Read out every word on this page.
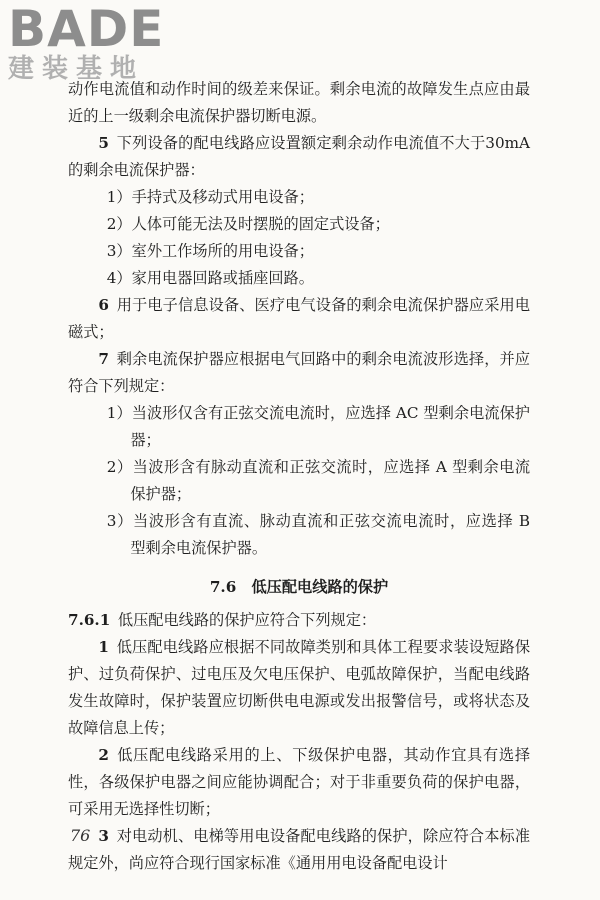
BADE
建装基地

动作电流值和动作时间的级差来保证。剩余电流的故障发生点应由最近的上一级剩余电流保护器切断电源。

5  下列设备的配电线路应设置额定剩余动作电流值不大于30mA的剩余电流保护器：

1）手持式及移动式用电设备；

2）人体可能无法及时摆脱的固定式设备；

3）室外工作场所的用电设备；

4）家用电器回路或插座回路。

6  用于电子信息设备、医疗电气设备的剩余电流保护器应采用电磁式；

7  剩余电流保护器应根据电气回路中的剩余电流波形选择，并应符合下列规定：

1）当波形仅含有正弦交流电流时，应选择 AC 型剩余电流保护器；

2）当波形含有脉动直流和正弦交流时，应选择 A 型剩余电流保护器；

3）当波形含有直流、脉动直流和正弦交流电流时，应选择 B 型剩余电流保护器。

7.6  低压配电线路的保护

7.6.1  低压配电线路的保护应符合下列规定：

1  低压配电线路应根据不同故障类别和具体工程要求装设短路保护、过负荷保护、过电压及欠电压保护、电弧故障保护，当配电线路发生故障时，保护装置应切断供电电源或发出报警信号，或将状态及故障信息上传；

2  低压配电线路采用的上、下级保护电器，其动作宜具有选择性，各级保护电器之间应能协调配合；对于非重要负荷的保护电器，可采用无选择性切断；

3  对电动机、电梯等用电设备配电线路的保护，除应符合本标准规定外，尚应符合现行国家标准《通用用电设备配电设计

76
